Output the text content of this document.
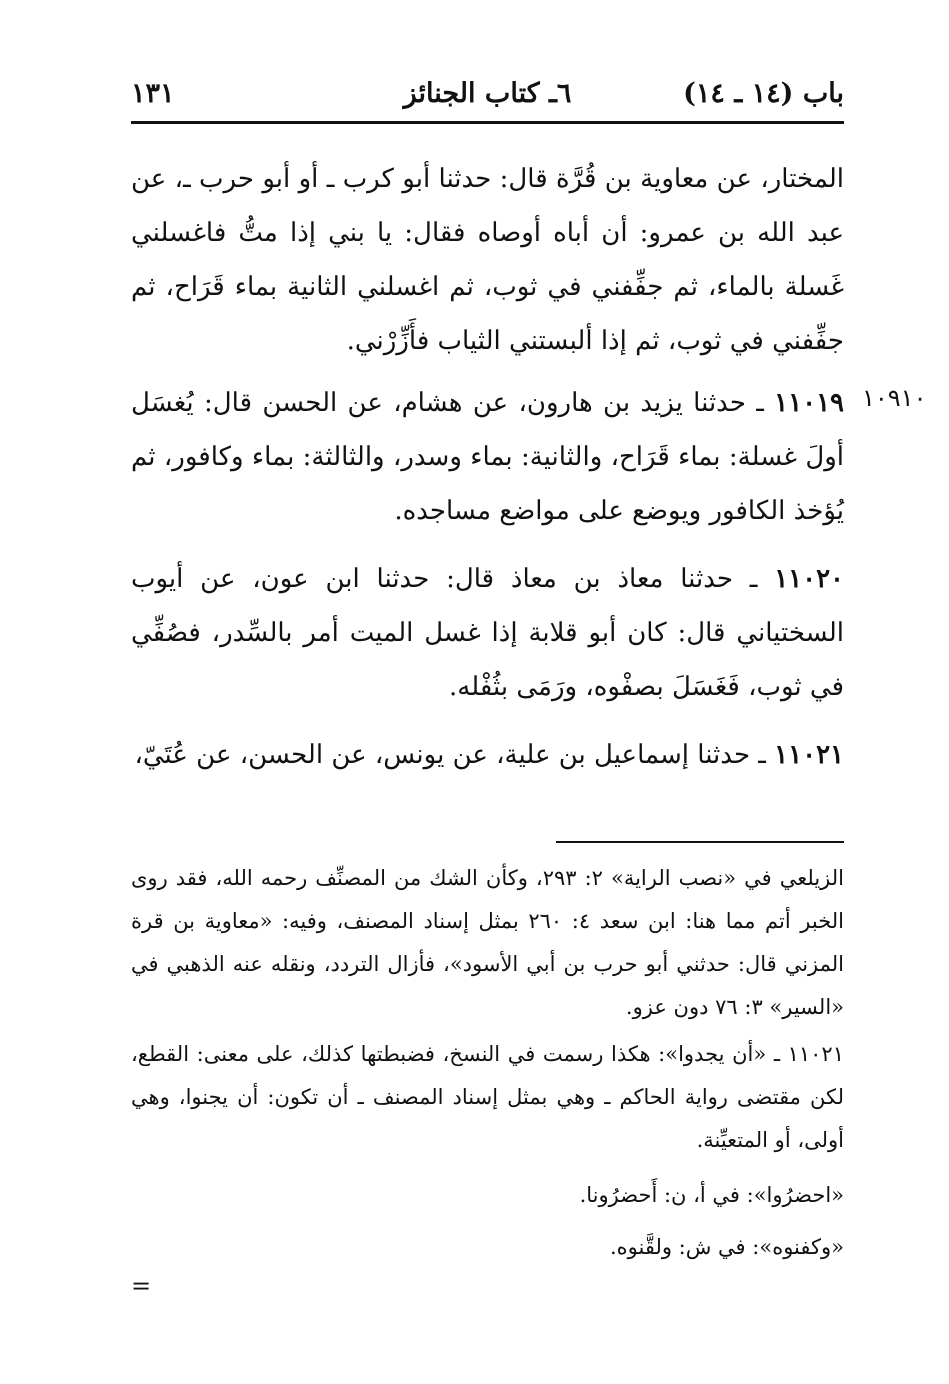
باب (١٤ ـ ١٤)
٦ـ كتاب الجنائز
١٣١
المختار، عن معاوية بن قُرَّة قال: حدثنا أبو كرب ـ أو أبو حرب ـ، عن عبد الله بن عمرو: أن أباه أوصاه فقال: يا بني إذا متُّ فاغسلني غَسلة بالماء، ثم جفِّفني في ثوب، ثم اغسلني الثانية بماء قَرَاح، ثم جفِّفني في ثوب، ثم إذا ألبستني الثياب فأَزِّرْني.
١٠٩١٠
١١٠١٩ ـ حدثنا يزيد بن هارون، عن هشام، عن الحسن قال: يُغسَل أولَ غسلة: بماء قَرَاح، والثانية: بماء وسدر، والثالثة: بماء وكافور، ثم يُؤخذ الكافور ويوضع على مواضع مساجده.
١١٠٢٠ ـ حدثنا معاذ بن معاذ قال: حدثنا ابن عون، عن أيوب السختياني قال: كان أبو قلابة إذا غسل الميت أمر بالسِّدر، فصُفِّي في ثوب، فَغَسَلَ بصفْوه، ورَمَى بثُفْله.
١١٠٢١ ـ حدثنا إسماعيل بن علية، عن يونس، عن الحسن، عن عُتَيّ،
الزيلعي في «نصب الراية» ٢: ٢٩٣، وكأن الشك من المصنِّف رحمه الله، فقد روى الخبر أتم مما هنا: ابن سعد ٤: ٢٦٠ بمثل إسناد المصنف، وفيه: «معاوية بن قرة المزني قال: حدثني أبو حرب بن أبي الأسود»، فأزال التردد، ونقله عنه الذهبي في «السير» ٣: ٧٦ دون عزو.
١١٠٢١ ـ «أن يجدوا»: هكذا رسمت في النسخ، فضبطتها كذلك، على معنى: القطع، لكن مقتضى رواية الحاكم ـ وهي بمثل إسناد المصنف ـ أن تكون: أن يجنوا، وهي أولى، أو المتعيِّنة.
«احضرُوا»: في أ، ن: أَحضرُونا.
«وكفنوه»: في ش: ولقَّنوه.
=
